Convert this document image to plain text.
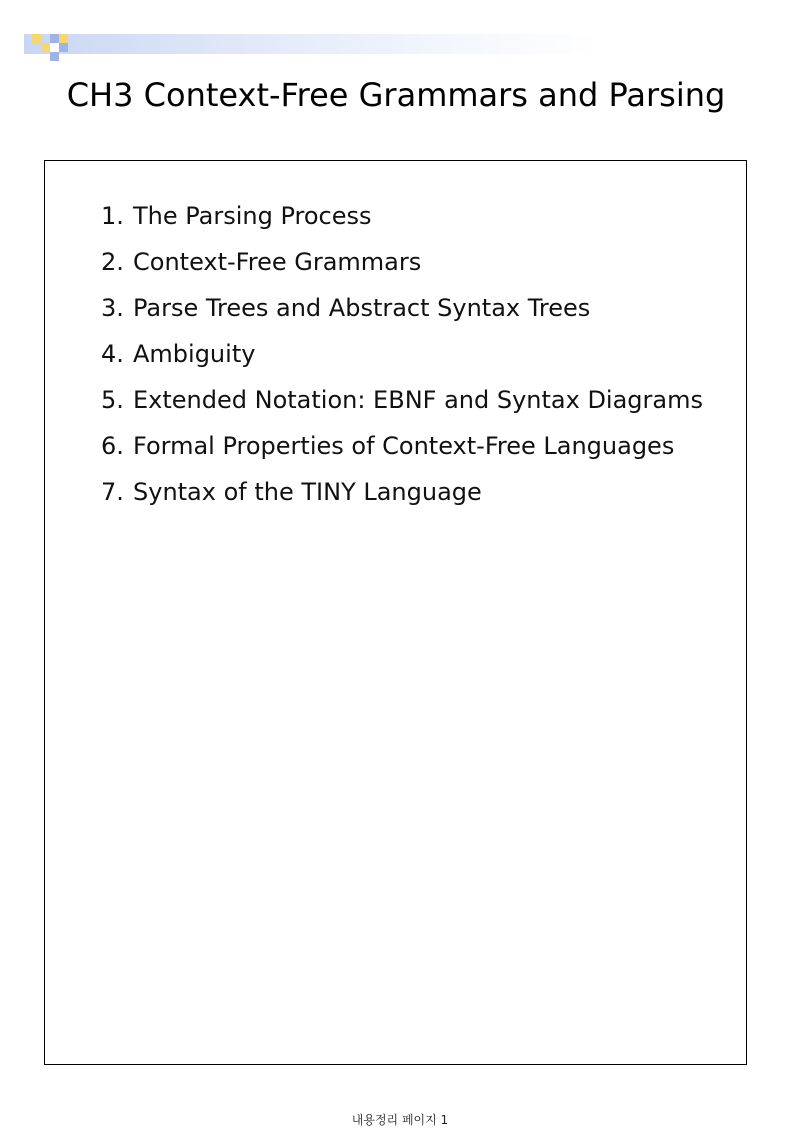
CH3 Context-Free Grammars and Parsing
1. The Parsing Process
2. Context-Free Grammars
3. Parse Trees and Abstract Syntax Trees
4. Ambiguity
5. Extended Notation: EBNF and Syntax Diagrams
6. Formal Properties of Context-Free Languages
7. Syntax of the TINY Language
내용정리 페이지 1
